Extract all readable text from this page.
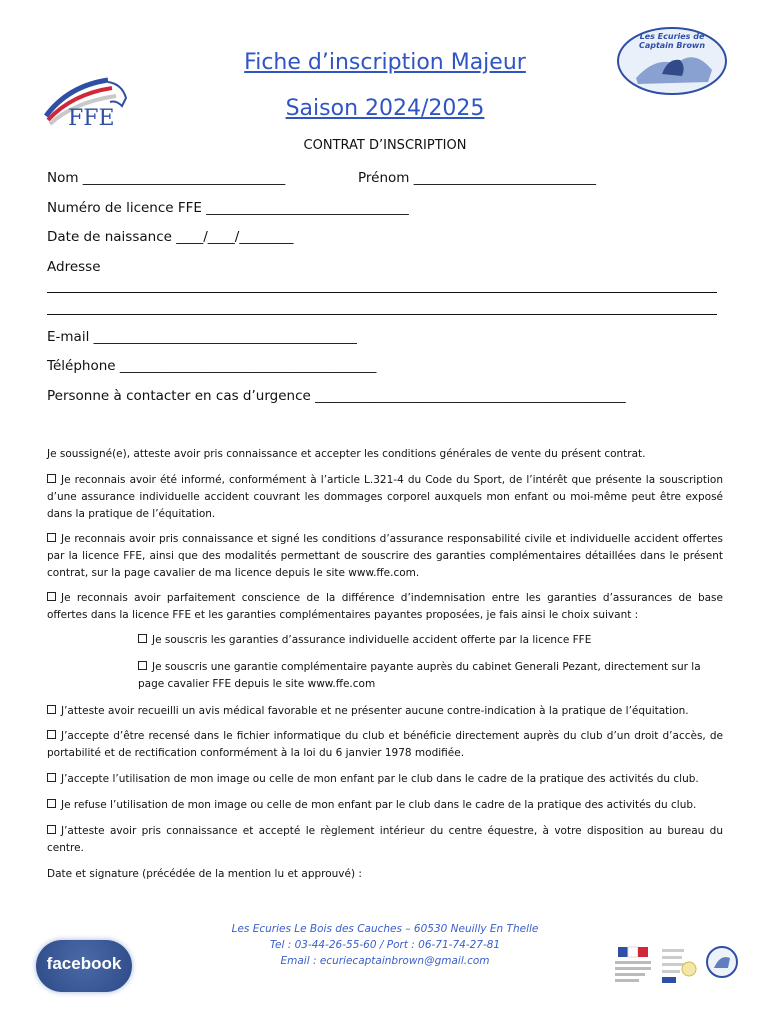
FFE
Les Ecuries de Captain Brown
Fiche d’inscription Majeur
Saison 2024/2025
CONTRAT D’INSCRIPTION
Nom ______________________________	Prénom ___________________________
Numéro de licence FFE ______________________________
Date de naissance ____/____/________
Adresse
E-mail _______________________________________
Téléphone ______________________________________
Personne à contacter en cas d’urgence ______________________________________________
Je soussigné(e), atteste avoir pris connaissance et accepter les conditions générales de vente du présent contrat.
Je reconnais avoir été informé, conformément à l’article L.321-4 du Code du Sport, de l’intérêt que présente la souscription d’une assurance individuelle accident couvrant les dommages corporel auxquels mon enfant ou moi-même peut être exposé dans la pratique de l’équitation.
Je reconnais avoir pris connaissance et signé les conditions d’assurance responsabilité civile et individuelle accident offertes par la licence FFE, ainsi que des modalités permettant de souscrire des garanties complémentaires détaillées dans le présent contrat, sur la page cavalier de ma licence depuis le site www.ffe.com.
Je reconnais avoir parfaitement conscience de la différence d’indemnisation entre les garanties d’assurances de base offertes dans la licence FFE et les garanties complémentaires payantes proposées, je fais ainsi le choix suivant :
Je souscris les garanties d’assurance individuelle accident offerte par la licence FFE
Je souscris une garantie complémentaire payante auprès du cabinet Generali Pezant, directement sur la page cavalier FFE depuis le site www.ffe.com
J’atteste avoir recueilli un avis médical favorable et ne présenter aucune contre-indication à la pratique de l’équitation.
J’accepte d’être recensé dans le fichier informatique du club et bénéficie directement auprès du club d’un droit d’accès, de portabilité et de rectification conformément à la loi du 6 janvier 1978 modifiée.
J’accepte l’utilisation de mon image ou celle de mon enfant par le club dans le cadre de la pratique des activités du club.
Je refuse l’utilisation de mon image ou celle de mon enfant par le club dans le cadre de la pratique des activités du club.
J’atteste avoir pris connaissance et accepté le règlement intérieur du centre équestre, à votre disposition au bureau du centre.
Date et signature (précédée de la mention lu et approuvé) :
Les Ecuries Le Bois des Cauches – 60530 Neuilly En Thelle
Tel : 03-44-26-55-60 / Port : 06-71-74-27-81
Email : ecuriecaptainbrown@gmail.com
facebook
